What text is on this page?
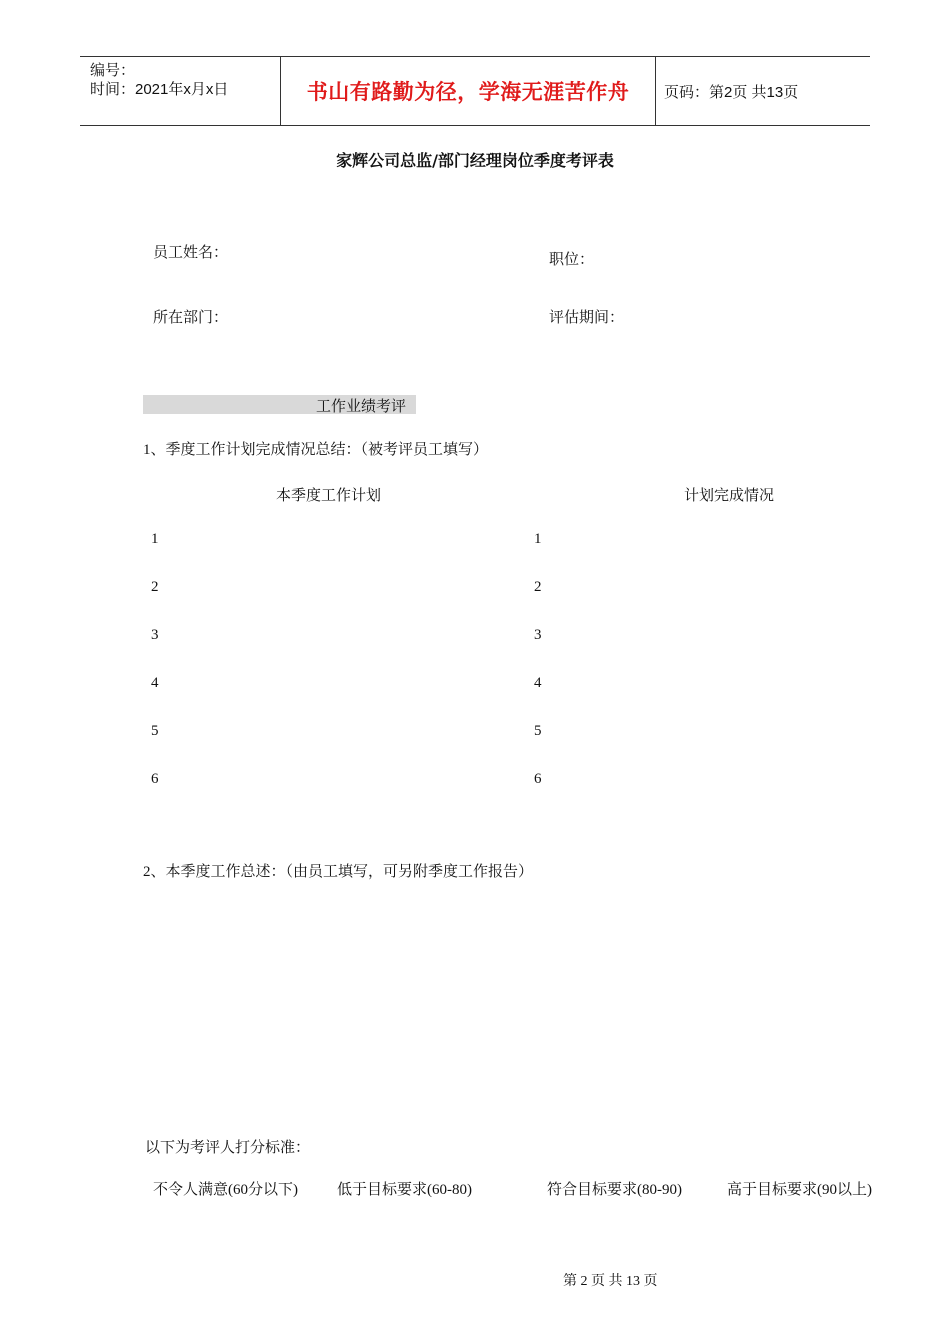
编号：
时间：2021年x月x日	书山有路勤为径，学海无涯苦作舟	页码：第2页 共13页
家辉公司总监/部门经理岗位季度考评表
员工姓名：	职位：
所在部门：	评估期间：
工作业绩考评
1、季度工作计划完成情况总结：（被考评员工填写）
本季度工作计划	计划完成情况
1	1
2	2
3	3
4	4
5	5
6	6
2、本季度工作总述：（由员工填写，可另附季度工作报告）
以下为考评人打分标准：
不令人满意(60分以下)	低于目标要求(60-80)	符合目标要求(80-90)	高于目标要求(90以上)
第 2 页 共 13 页
